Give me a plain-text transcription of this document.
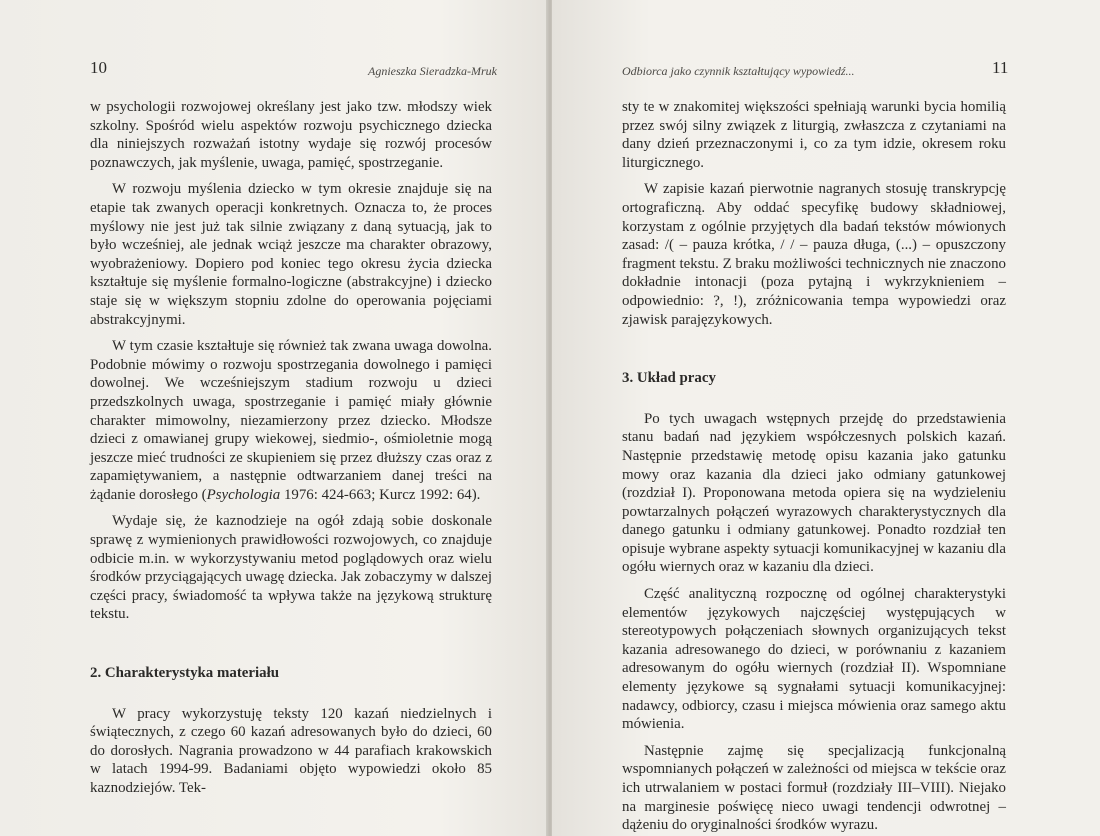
10	Agnieszka Sieradzka-Mruk

w psychologii rozwojowej określany jest jako tzw. młodszy wiek szkolny. Spośród wielu aspektów rozwoju psychicznego dziecka dla niniejszych rozważań istotny wydaje się rozwój procesów poznawczych, jak myślenie, uwaga, pamięć, spostrzeganie.

W rozwoju myślenia dziecko w tym okresie znajduje się na etapie tak zwanych operacji konkretnych. Oznacza to, że proces myślowy nie jest już tak silnie związany z daną sytuacją, jak to było wcześniej, ale jednak wciąż jeszcze ma charakter obrazowy, wyobrażeniowy. Dopiero pod koniec tego okresu życia dziecka kształtuje się myślenie formalno-logiczne (abstrakcyjne) i dziecko staje się w większym stopniu zdolne do operowania pojęciami abstrakcyjnymi.

W tym czasie kształtuje się również tak zwana uwaga dowolna. Podobnie mówimy o rozwoju spostrzegania dowolnego i pamięci dowolnej. We wcześniejszym stadium rozwoju u dzieci przedszkolnych uwaga, spostrzeganie i pamięć miały głównie charakter mimowolny, niezamierzony przez dziecko. Młodsze dzieci z omawianej grupy wiekowej, siedmio-, ośmioletnie mogą jeszcze mieć trudności ze skupieniem się przez dłuższy czas oraz z zapamiętywaniem, a następnie odtwarzaniem danej treści na żądanie dorosłego (Psychologia 1976: 424-663; Kurcz 1992: 64).

Wydaje się, że kaznodzieje na ogół zdają sobie doskonale sprawę z wymienionych prawidłowości rozwojowych, co znajduje odbicie m.in. w wykorzystywaniu metod poglądowych oraz wielu środków przyciągających uwagę dziecka. Jak zobaczymy w dalszej części pracy, świadomość ta wpływa także na językową strukturę tekstu.

2. Charakterystyka materiału

W pracy wykorzystuję teksty 120 kazań niedzielnych i świątecznych, z czego 60 kazań adresowanych było do dzieci, 60 do dorosłych. Nagrania prowadzono w 44 parafiach krakowskich w latach 1994-99. Badaniami objęto wypowiedzi około 85 kaznodziejów. Tek-

Odbiorca jako czynnik kształtujący wypowiedź...	11

sty te w znakomitej większości spełniają warunki bycia homilią przez swój silny związek z liturgią, zwłaszcza z czytaniami na dany dzień przeznaczonymi i, co za tym idzie, okresem roku liturgicznego.

W zapisie kazań pierwotnie nagranych stosuję transkrypcję ortograficzną. Aby oddać specyfikę budowy składniowej, korzystam z ogólnie przyjętych dla badań tekstów mówionych zasad: /( – pauza krótka, / / – pauza długa, (...) – opuszczony fragment tekstu. Z braku możliwości technicznych nie znaczono dokładnie intonacji (poza pytajną i wykrzyknieniem – odpowiednio: ?, !), zróżnicowania tempa wypowiedzi oraz zjawisk parajęzykowych.

3. Układ pracy

Po tych uwagach wstępnych przejdę do przedstawienia stanu badań nad językiem współczesnych polskich kazań. Następnie przedstawię metodę opisu kazania jako gatunku mowy oraz kazania dla dzieci jako odmiany gatunkowej (rozdział I). Proponowana metoda opiera się na wydzieleniu powtarzalnych połączeń wyrazowych charakterystycznych dla danego gatunku i odmiany gatunkowej. Ponadto rozdział ten opisuje wybrane aspekty sytuacji komunikacyjnej w kazaniu dla ogółu wiernych oraz w kazaniu dla dzieci.

Część analityczną rozpocznę od ogólnej charakterystyki elementów językowych najczęściej występujących w stereotypowych połączeniach słownych organizujących tekst kazania adresowanego do dzieci, w porównaniu z kazaniem adresowanym do ogółu wiernych (rozdział II). Wspomniane elementy językowe są sygnałami sytuacji komunikacyjnej: nadawcy, odbiorcy, czasu i miejsca mówienia oraz samego aktu mówienia.

Następnie zajmę się specjalizacją funkcjonalną wspomnianych połączeń w zależności od miejsca w tekście oraz ich utrwalaniem w postaci formuł (rozdziały III–VIII). Niejako na marginesie poświęcę nieco uwagi tendencji odwrotnej – dążeniu do oryginalności środków wyrazu.
